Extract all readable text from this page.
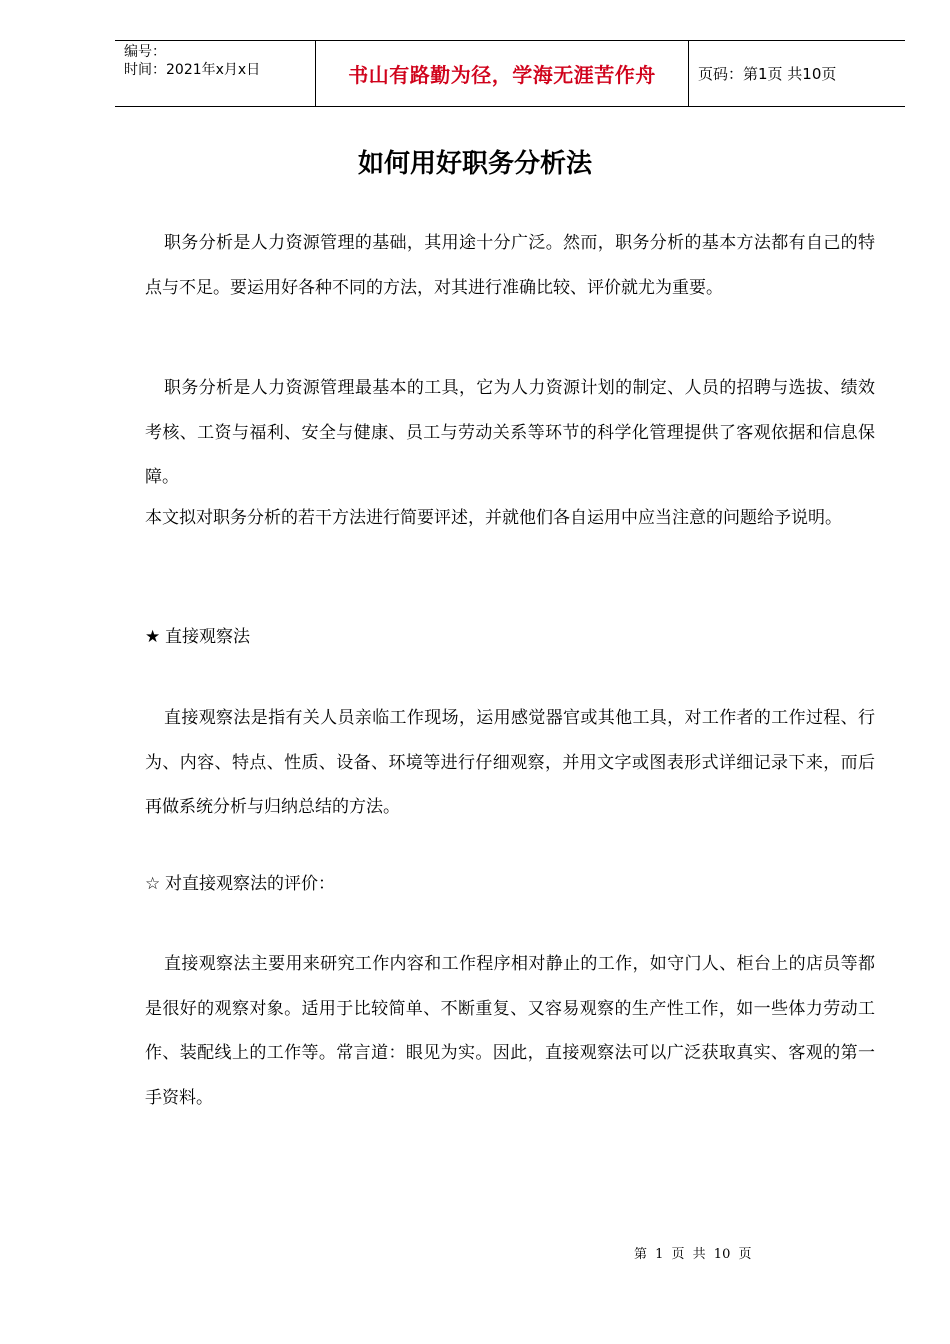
编号：
时间：2021年x月x日	书山有路勤为径，学海无涯苦作舟	页码：第1页 共10页
如何用好职务分析法

职务分析是人力资源管理的基础，其用途十分广泛。然而，职务分析的基本方法都有自己的特点与不足。要运用好各种不同的方法，对其进行准确比较、评价就尤为重要。

职务分析是人力资源管理最基本的工具，它为人力资源计划的制定、人员的招聘与选拔、绩效考核、工资与福利、安全与健康、员工与劳动关系等环节的科学化管理提供了客观依据和信息保障。

本文拟对职务分析的若干方法进行简要评述，并就他们各自运用中应当注意的问题给予说明。

★ 直接观察法

直接观察法是指有关人员亲临工作现场，运用感觉器官或其他工具，对工作者的工作过程、行为、内容、特点、性质、设备、环境等进行仔细观察，并用文字或图表形式详细记录下来，而后再做系统分析与归纳总结的方法。

☆ 对直接观察法的评价：

直接观察法主要用来研究工作内容和工作程序相对静止的工作，如守门人、柜台上的店员等都是很好的观察对象。适用于比较简单、不断重复、又容易观察的生产性工作，如一些体力劳动工作、装配线上的工作等。常言道：眼见为实。因此，直接观察法可以广泛获取真实、客观的第一手资料。

第 1 页 共 10 页
